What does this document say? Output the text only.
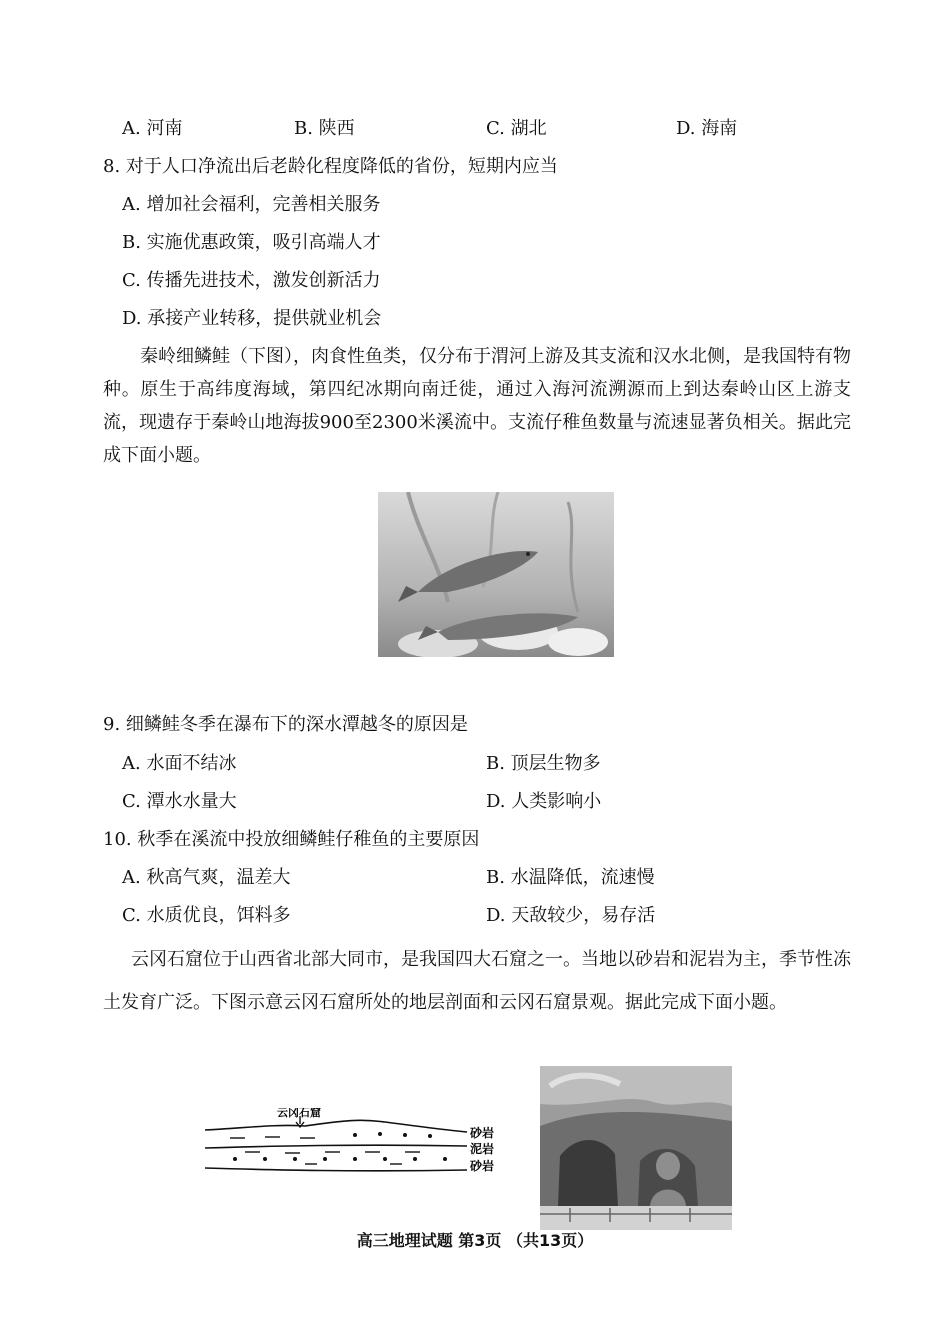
A. 河南	B. 陕西	C. 湖北	D. 海南
8. 对于人口净流出后老龄化程度降低的省份，短期内应当
A. 增加社会福利，完善相关服务
B. 实施优惠政策，吸引高端人才
C. 传播先进技术，激发创新活力
D. 承接产业转移，提供就业机会

秦岭细鳞鲑（下图），肉食性鱼类，仅分布于渭河上游及其支流和汉水北侧，是我国特有物种。原生于高纬度海域，第四纪冰期向南迁徙，通过入海河流溯源而上到达秦岭山区上游支流，现遗存于秦岭山地海拔900至2300米溪流中。支流仔稚鱼数量与流速显著负相关。据此完成下面小题。

9. 细鳞鲑冬季在瀑布下的深水潭越冬的原因是
A. 水面不结冰	B. 顶层生物多
C. 潭水水量大	D. 人类影响小
10. 秋季在溪流中投放细鳞鲑仔稚鱼的主要原因
A. 秋高气爽，温差大	B. 水温降低，流速慢
C. 水质优良，饵料多	D. 天敌较少，易存活

云冈石窟位于山西省北部大同市，是我国四大石窟之一。当地以砂岩和泥岩为主，季节性冻土发育广泛。下图示意云冈石窟所处的地层剖面和云冈石窟景观。据此完成下面小题。

砂岩
泥岩
砂岩
云冈石窟
高三地理试题 第3页 （共13页）
